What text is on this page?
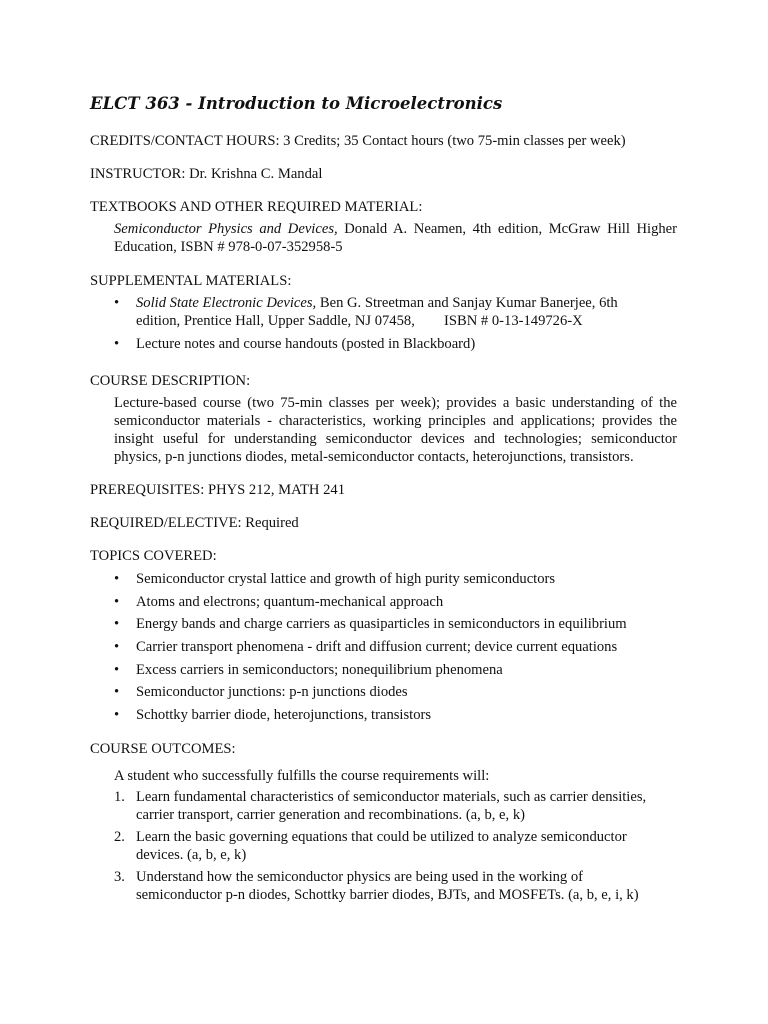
ELCT 363 - Introduction to Microelectronics
CREDITS/CONTACT HOURS: 3 Credits; 35 Contact hours (two 75-min classes per week)
INSTRUCTOR: Dr. Krishna C. Mandal
TEXTBOOKS AND OTHER REQUIRED MATERIAL:
Semiconductor Physics and Devices, Donald A. Neamen, 4th edition, McGraw Hill Higher Education, ISBN # 978-0-07-352958-5
SUPPLEMENTAL MATERIALS:
• Solid State Electronic Devices, Ben G. Streetman and Sanjay Kumar Banerjee, 6th
edition, Prentice Hall, Upper Saddle, NJ 07458,        ISBN # 0-13-149726-X
• Lecture notes and course handouts (posted in Blackboard)
COURSE DESCRIPTION:
Lecture-based course (two 75-min classes per week); provides a basic understanding of the semiconductor materials - characteristics, working principles and applications; provides the insight useful for understanding semiconductor devices and technologies; semiconductor physics, p-n junctions diodes, metal-semiconductor contacts, heterojunctions, transistors.
PREREQUISITES: PHYS 212, MATH 241
REQUIRED/ELECTIVE: Required
TOPICS COVERED:
• Semiconductor crystal lattice and growth of high purity semiconductors
• Atoms and electrons; quantum-mechanical approach
• Energy bands and charge carriers as quasiparticles in semiconductors in equilibrium
• Carrier transport phenomena - drift and diffusion current; device current equations
• Excess carriers in semiconductors; nonequilibrium phenomena
• Semiconductor junctions: p-n junctions diodes
• Schottky barrier diode, heterojunctions, transistors
COURSE OUTCOMES:
A student who successfully fulfills the course requirements will:
1. Learn fundamental characteristics of semiconductor materials, such as carrier densities,
carrier transport, carrier generation and recombinations. (a, b, e, k)
2. Learn the basic governing equations that could be utilized to analyze semiconductor
devices. (a, b, e, k)
3. Understand how the semiconductor physics are being used in the working of
semiconductor p-n diodes, Schottky barrier diodes, BJTs, and MOSFETs. (a, b, e, i, k)
